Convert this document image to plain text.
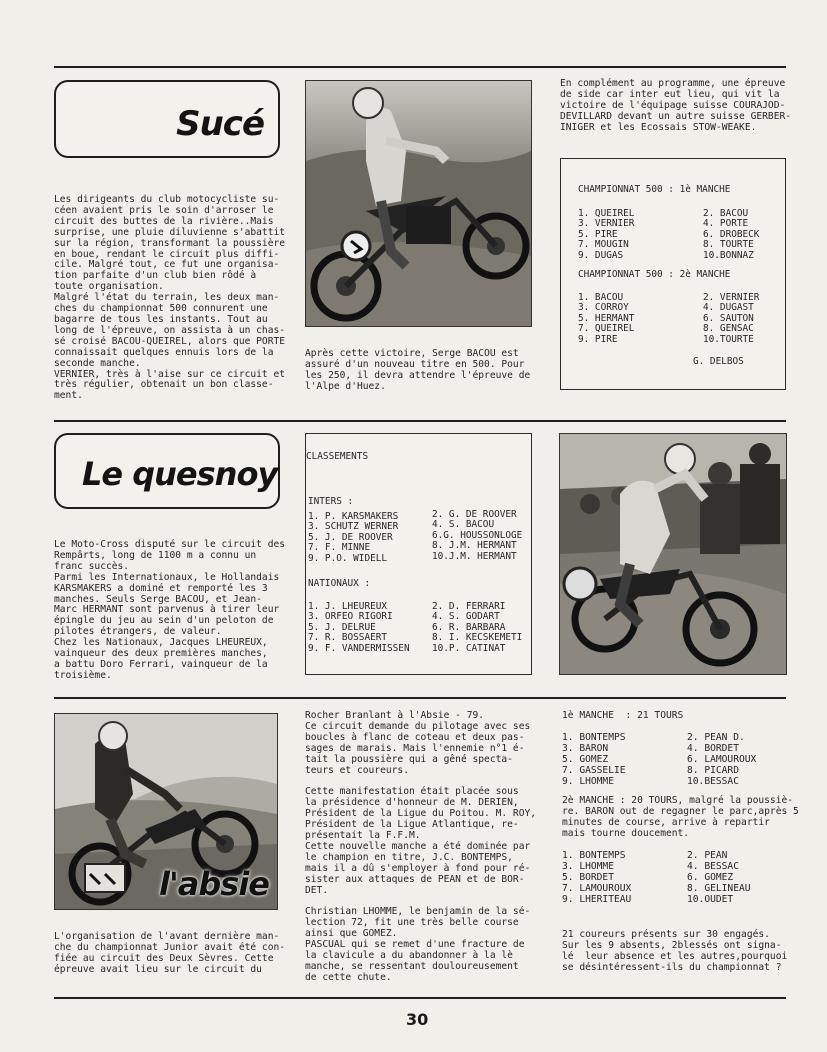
Sucé

Les dirigeants du club motocycliste su-
céen avaient pris le soin d'arroser le
circuit des buttes de la rivière..Mais
surprise, une pluie diluvienne s'abattit
sur la région, transformant la poussière
en boue, rendant le circuit plus diffi-
cile. Malgré tout, ce fut une organisa-
tion parfaite d'un club bien rôdé à
toute organisation.
Malgré l'état du terrain, les deux man-
ches du championnat 500 connurent une
bagarre de tous les instants. Tout au
long de l'épreuve, on assista à un chas-
sé croisé BACOU-QUEIREL, alors que PORTE
connaissait quelques ennuis lors de la
seconde manche.
VERNIER, très à l'aise sur ce circuit et
très régulier, obtenait un bon classe-
ment.

Après cette victoire, Serge BACOU est
assuré d'un nouveau titre en 500. Pour
les 250, il devra attendre l'épreuve de
l'Alpe d'Huez.

En complément au programme, une épreuve
de side car inter eut lieu, qui vit la
victoire de l'équipage suisse COURAJOD-
DEVILLARD devant un autre suisse GERBER-
INIGER et les Ecossais STOW-WEAKE.

CHAMPIONNAT 500 : 1è MANCHE

1. QUEIREL
3. VERNIER
5. PIRE
7. MOUGIN
9. DUGAS

2. BACOU
4. PORTE
6. DROBECK
8. TOURTE
10.BONNAZ

CHAMPIONNAT 500 : 2è MANCHE

1. BACOU
3. CORROY
5. HERMANT
7. QUEIREL
9. PIRE

2. VERNIER
4. DUGAST
6. SAUTON
8. GENSAC
10.TOURTE

G. DELBOS

Le quesnoy

Le Moto-Cross disputé sur le circuit des
Rempârts, long de 1100 m a connu un
franc succès.
Parmi les Internationaux, le Hollandais
KARSMAKERS a dominé et remporté les 3
manches. Seuls Serge BACOU, et Jean-
Marc HERMANT sont parvenus à tirer leur
épingle du jeu au sein d'un peloton de
pilotes étrangers, de valeur.
Chez les Nationaux, Jacques LHEUREUX,
vainqueur des deux premières manches,
a battu Doro Ferrari, vainqueur de la
troisième.

CLASSEMENTS

INTERS :

1. P. KARSMAKERS
3. SCHUTZ WERNER
5. J. DE ROOVER
7. F. MINNE
9. P.O. WIDELL

2. G. DE ROOVER
4. S. BACOU
6.G. HOUSSONLOGE
8. J.M. HERMANT
10.J.M. HERMANT

NATIONAUX :

1. J. LHEUREUX
3. ORFEO RIGORI
5. J. DELRUE
7. R. BOSSAERT
9. F. VANDERMISSEN

2. D. FERRARI
4. S. GODART
6. R. BARBARA
8. I. KECSKEMETI
10.P. CATINAT

l'absie

L'organisation de l'avant dernière man-
che du championnat Junior avait été con-
fiée au circuit des Deux Sèvres. Cette
épreuve avait lieu sur le circuit du

Rocher Branlant à l'Absie - 79.
Ce circuit demande du pilotage avec ses
boucles à flanc de coteau et deux pas-
sages de marais. Mais l'ennemie n°1 é-
tait la poussière qui a gêné specta-
teurs et coureurs.

Cette manifestation était placée sous
la présidence d'honneur de M. DERIEN,
Président de la Ligue du Poitou. M. ROY,
Président de la Ligue Atlantique, re-
présentait la F.F.M.
Cette nouvelle manche a été dominée par
le champion en titre, J.C. BONTEMPS,
mais il a dû s'employer à fond pour ré-
sister aux attaques de PEAN et de BOR-
DET.

Christian LHOMME, le benjamin de la sé-
lection 72, fit une très belle course
ainsi que GOMEZ.
PASCUAL qui se remet d'une fracture de
la clavicule a du abandonner à la lè
manche, se ressentant douloureusement
de cette chute.

1è MANCHE  : 21 TOURS

1. BONTEMPS
3. BARON
5. GOMEZ
7. GASSELIE
9. LHOMME

2. PEAN D.
4. BORDET
6. LAMOUROUX
8. PICARD
10.BESSAC

2è MANCHE : 20 TOURS, malgré la poussiè-
re. BARON out de regagner le parc,après 5
minutes de course, arrive à repartir
mais tourne doucement.

1. BONTEMPS
3. LHOMME
5. BORDET
7. LAMOUROUX
9. LHERITEAU

2. PEAN
4. BESSAC
6. GOMEZ
8. GELINEAU
10.OUDET

21 coureurs présents sur 30 engagés.
Sur les 9 absents, 2blessés ont signa-
lé  leur absence et les autres,pourquoi
se désintéressent-ils du championnat ?

30
